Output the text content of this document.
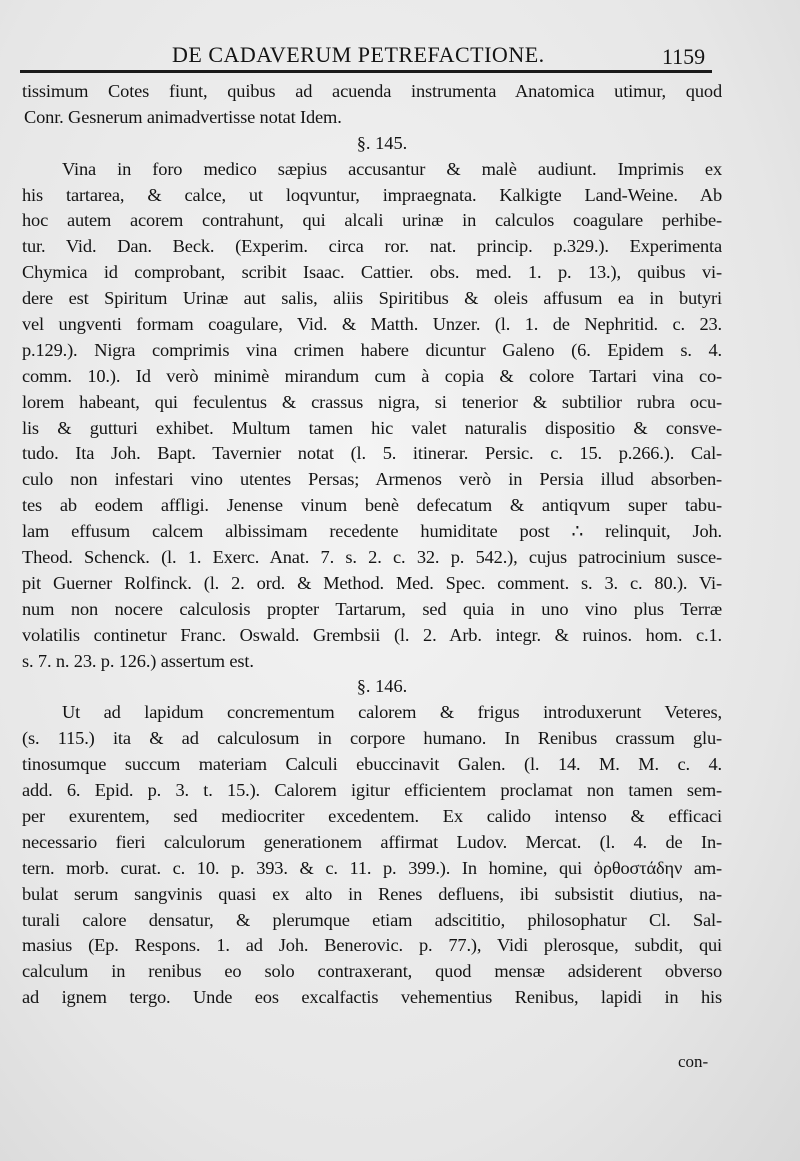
DE CADAVERUM PETREFACTIONE.	1159
tissimum Cotes fiunt, quibus ad acuenda instrumenta Anatomica utimur, quod
Conr. Gesnerum animadvertisse notat Idem.
§. 145.
Vina in foro medico sæpius accusantur & malè audiunt. Imprimis ex
his tartarea, & calce, ut loqvuntur, impraegnata. Kalkigte Land-Weine. Ab
hoc autem acorem contrahunt, qui alcali urinæ in calculos coagulare perhibe-
tur. Vid. Dan. Beck. (Experim. circa ror. nat. princip. p.329.). Experimenta
Chymica id comprobant, scribit Isaac. Cattier. obs. med. 1. p. 13.), quibus vi-
dere est Spiritum Urinæ aut salis, aliis Spiritibus & oleis affusum ea in butyri
vel ungventi formam coagulare, Vid. & Matth. Unzer. (l. 1. de Nephritid. c. 23.
p.129.). Nigra comprimis vina crimen habere dicuntur Galeno (6. Epidem s. 4.
comm. 10.). Id verò minimè mirandum cum à copia & colore Tartari vina co-
lorem habeant, qui feculentus & crassus nigra, si tenerior & subtilior rubra ocu-
lis & gutturi exhibet. Multum tamen hic valet naturalis dispositio & consve-
tudo. Ita Joh. Bapt. Tavernier notat (l. 5. itinerar. Persic. c. 15. p.266.). Cal-
culo non infestari vino utentes Persas; Armenos verò in Persia illud absorben-
tes ab eodem affligi. Jenense vinum benè defecatum & antiqvum super tabu-
lam effusum calcem albissimam recedente humiditate post ∴ relinquit, Joh.
Theod. Schenck. (l. 1. Exerc. Anat. 7. s. 2. c. 32. p. 542.), cujus patrocinium susce-
pit Guerner Rolfinck. (l. 2. ord. & Method. Med. Spec. comment. s. 3. c. 80.). Vi-
num non nocere calculosis propter Tartarum, sed quia in uno vino plus Terræ
volatilis continetur Franc. Oswald. Grembsii (l. 2. Arb. integr. & ruinos. hom. c.1.
s. 7. n. 23. p. 126.) assertum est.
§. 146.
Ut ad lapidum concrementum calorem & frigus introduxerunt Veteres,
(s. 115.) ita & ad calculosum in corpore humano. In Renibus crassum glu-
tinosumque succum materiam Calculi ebuccinavit Galen. (l. 14. M. M. c. 4.
add. 6. Epid. p. 3. t. 15.). Calorem igitur efficientem proclamat non tamen sem-
per exurentem, sed mediocriter excedentem. Ex calido intenso & efficaci
necessario fieri calculorum generationem affirmat Ludov. Mercat. (l. 4. de In-
tern. morb. curat. c. 10. p. 393. & c. 11. p. 399.). In homine, qui ὀρθοστάδην am-
bulat serum sangvinis quasi ex alto in Renes defluens, ibi subsistit diutius, na-
turali calore densatur, & plerumque etiam adscititio, philosophatur Cl. Sal-
masius (Ep. Respons. 1. ad Joh. Benerovic. p. 77.), Vidi plerosque, subdit, qui
calculum in renibus eo solo contraxerant, quod mensæ adsiderent obverso
ad ignem tergo. Unde eos excalfactis vehementius Renibus, lapidi in his
con-
